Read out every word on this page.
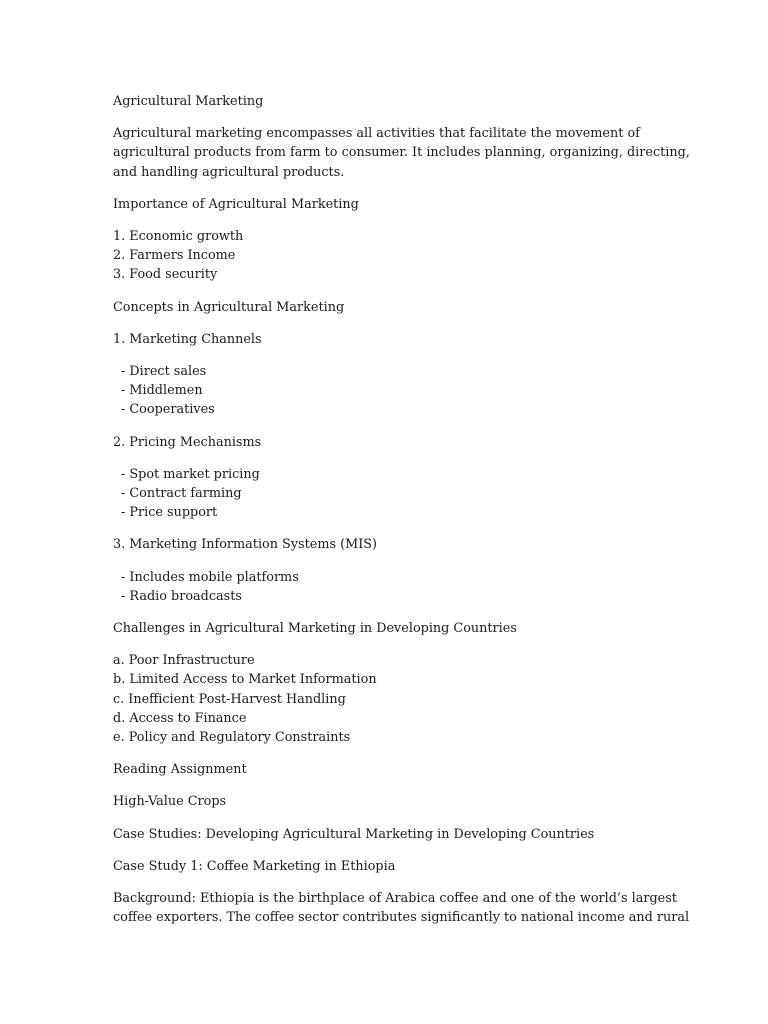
Agricultural Marketing

Agricultural marketing encompasses all activities that facilitate the movement of
agricultural products from farm to consumer. It includes planning, organizing, directing,
and handling agricultural products.

Importance of Agricultural Marketing

1. Economic growth
2. Farmers Income
3. Food security

Concepts in Agricultural Marketing

1. Marketing Channels

- Direct sales
- Middlemen
- Cooperatives

2. Pricing Mechanisms

- Spot market pricing
- Contract farming
- Price support

3. Marketing Information Systems (MIS)

- Includes mobile platforms
- Radio broadcasts

Challenges in Agricultural Marketing in Developing Countries

a. Poor Infrastructure
b. Limited Access to Market Information
c. Inefficient Post-Harvest Handling
d. Access to Finance
e. Policy and Regulatory Constraints

Reading Assignment

High-Value Crops

Case Studies: Developing Agricultural Marketing in Developing Countries

Case Study 1: Coffee Marketing in Ethiopia

Background: Ethiopia is the birthplace of Arabica coffee and one of the world’s largest
coffee exporters. The coffee sector contributes significantly to national income and rural
